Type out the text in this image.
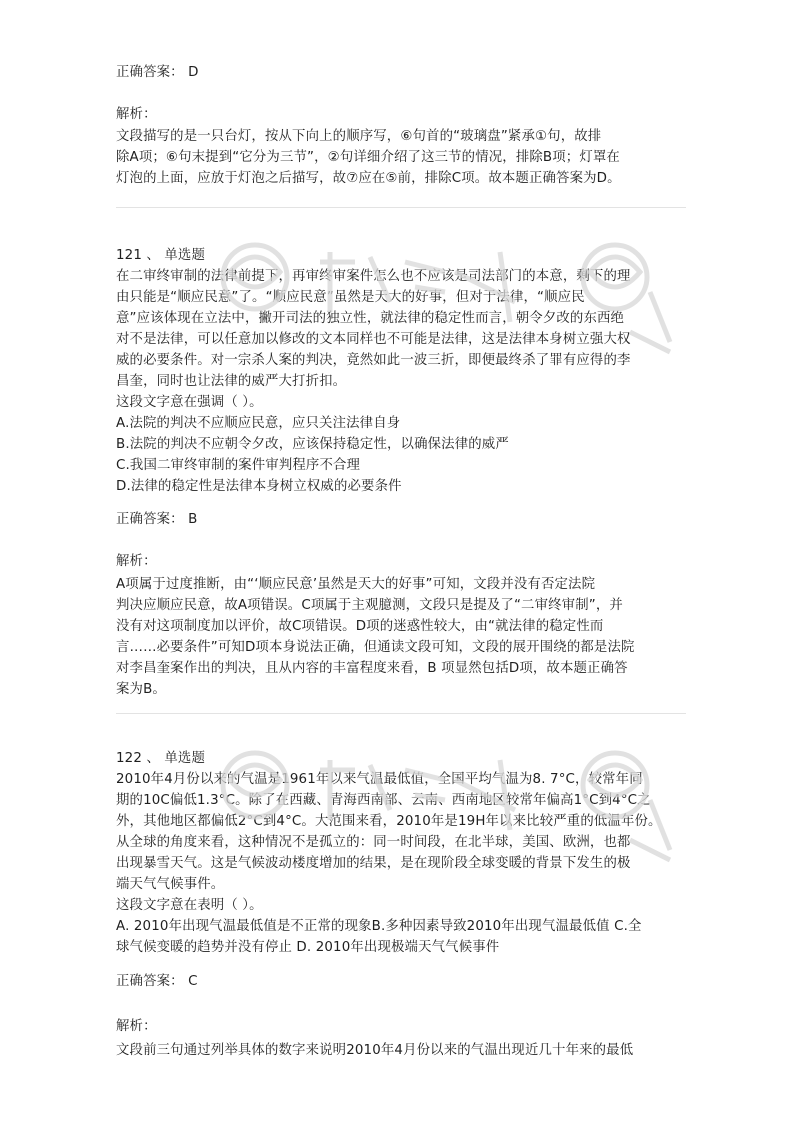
正确答案： D
解析：
文段描写的是一只台灯，按从下向上的顺序写，⑥句首的“玻璃盘”紧承①句，故排
除A项；⑥句末提到“它分为三节”，②句详细介绍了这三节的情况，排除B项；灯罩在
灯泡的上面，应放于灯泡之后描写，故⑦应在⑤前，排除C项。故本题正确答案为D。
121 、 单选题
在二审终审制的法律前提下，再审终审案件怎么也不应该是司法部门的本意，剩下的理
由只能是“顺应民意”了。“顺应民意”虽然是天大的好事，但对于法律，“顺应民
意”应该体现在立法中，撇开司法的独立性，就法律的稳定性而言，朝令夕改的东西绝
对不是法律，可以任意加以修改的文本同样也不可能是法律，这是法律本身树立强大权
威的必要条件。对一宗杀人案的判决，竟然如此一波三折，即便最终杀了罪有应得的李
昌奎，同时也让法律的威严大打折扣。
这段文字意在强调（ ）。
A.法院的判决不应顺应民意，应只关注法律自身
B.法院的判决不应朝令夕改，应该保持稳定性，以确保法律的威严
C.我国二审终审制的案件审判程序不合理
D.法律的稳定性是法律本身树立权威的必要条件
正确答案： B
解析：
A项属于过度推断，由“‘顺应民意’虽然是天大的好事”可知，文段并没有否定法院
判决应顺应民意，故A项错误。C项属于主观臆测，文段只是提及了“二审终审制”，并
没有对这项制度加以评价，故C项错误。D项的迷惑性较大，由“就法律的稳定性而
言……必要条件”可知D项本身说法正确，但通读文段可知，文段的展开围绕的都是法院
对李昌奎案作出的判决，且从内容的丰富程度来看，B 项显然包括D项，故本题正确答
案为B。
122 、 单选题
2010年4月份以来的气温是1961年以来气温最低值，全国平均气温为8. 7°C，较常年同
期的10C偏低1.3°C。除了在西藏、青海西南部、云南、西南地区较常年偏高1°C到4°C之
外，其他地区都偏低2°C到4°C。大范围来看，2010年是19H年以来比较严重的低温年份。
从全球的角度来看，这种情况不是孤立的：同一时间段，在北半球，美国、欧洲，也都
出现暴雪天气。这是气候波动楼度增加的结果，是在现阶段全球变暖的背景下发生的极
端天气气候事件。
这段文字意在表明（ ）。
A. 2010年出现气温最低值是不正常的现象B.多种因素导致2010年出现气温最低值 C.全
球气候变暖的趋势并没有停止 D. 2010年出现极端天气气候事件
正确答案： C
解析：
文段前三句通过列举具体的数字来说明2010年4月份以来的气温出现近几十年来的最低
